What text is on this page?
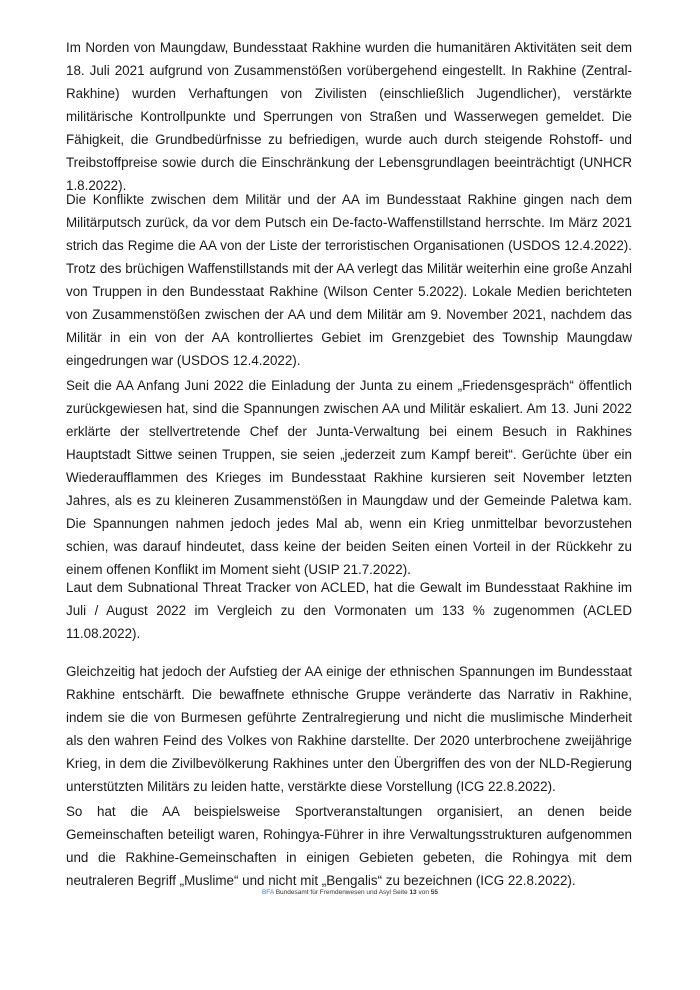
Im Norden von Maungdaw, Bundesstaat Rakhine wurden die humanitären Aktivitäten seit dem 18. Juli 2021 aufgrund von Zusammenstößen vorübergehend eingestellt. In Rakhine (Zentral-Rakhine) wurden Verhaftungen von Zivilisten (einschließlich Jugendlicher), verstärkte militärische Kontrollpunkte und Sperrungen von Straßen und Wasserwegen gemeldet. Die Fähigkeit, die Grundbedürfnisse zu befriedigen, wurde auch durch steigende Rohstoff- und Treibstoffpreise sowie durch die Einschränkung der Lebensgrundlagen beeinträchtigt (UNHCR 1.8.2022).

Die Konflikte zwischen dem Militär und der AA im Bundesstaat Rakhine gingen nach dem Militärputsch zurück, da vor dem Putsch ein De-facto-Waffenstillstand herrschte. Im März 2021 strich das Regime die AA von der Liste der terroristischen Organisationen (USDOS 12.4.2022). Trotz des brüchigen Waffenstillstands mit der AA verlegt das Militär weiterhin eine große Anzahl von Truppen in den Bundesstaat Rakhine (Wilson Center 5.2022). Lokale Medien berichteten von Zusammenstößen zwischen der AA und dem Militär am 9. November 2021, nachdem das Militär in ein von der AA kontrolliertes Gebiet im Grenzgebiet des Township Maungdaw eingedrungen war (USDOS 12.4.2022).

Seit die AA Anfang Juni 2022 die Einladung der Junta zu einem „Friedensgespräch“ öffentlich zurückgewiesen hat, sind die Spannungen zwischen AA und Militär eskaliert. Am 13. Juni 2022 erklärte der stellvertretende Chef der Junta-Verwaltung bei einem Besuch in Rakhines Hauptstadt Sittwe seinen Truppen, sie seien „jederzeit zum Kampf bereit“. Gerüchte über ein Wiederaufflammen des Krieges im Bundesstaat Rakhine kursieren seit November letzten Jahres, als es zu kleineren Zusammenstößen in Maungdaw und der Gemeinde Paletwa kam. Die Spannungen nahmen jedoch jedes Mal ab, wenn ein Krieg unmittelbar bevorzustehen schien, was darauf hindeutet, dass keine der beiden Seiten einen Vorteil in der Rückkehr zu einem offenen Konflikt im Moment sieht (USIP 21.7.2022).

Laut dem Subnational Threat Tracker von ACLED, hat die Gewalt im Bundesstaat Rakhine im Juli / August 2022 im Vergleich zu den Vormonaten um 133 % zugenommen (ACLED 11.08.2022).

Gleichzeitig hat jedoch der Aufstieg der AA einige der ethnischen Spannungen im Bundesstaat Rakhine entschärft. Die bewaffnete ethnische Gruppe veränderte das Narrativ in Rakhine, indem sie die von Burmesen geführte Zentralregierung und nicht die muslimische Minderheit als den wahren Feind des Volkes von Rakhine darstellte. Der 2020 unterbrochene zweijährige Krieg, in dem die Zivilbevölkerung Rakhines unter den Übergriffen des von der NLD-Regierung unterstützten Militärs zu leiden hatte, verstärkte diese Vorstellung (ICG 22.8.2022).

So hat die AA beispielsweise Sportveranstaltungen organisiert, an denen beide Gemeinschaften beteiligt waren, Rohingya-Führer in ihre Verwaltungsstrukturen aufgenommen und die Rakhine-Gemeinschaften in einigen Gebieten gebeten, die Rohingya mit dem neutraleren Begriff „Muslime“ und nicht mit „Bengalis“ zu bezeichnen (ICG 22.8.2022).

BFA Bundesamt für Fremdenwesen und Asyl Seite 13 von 55
